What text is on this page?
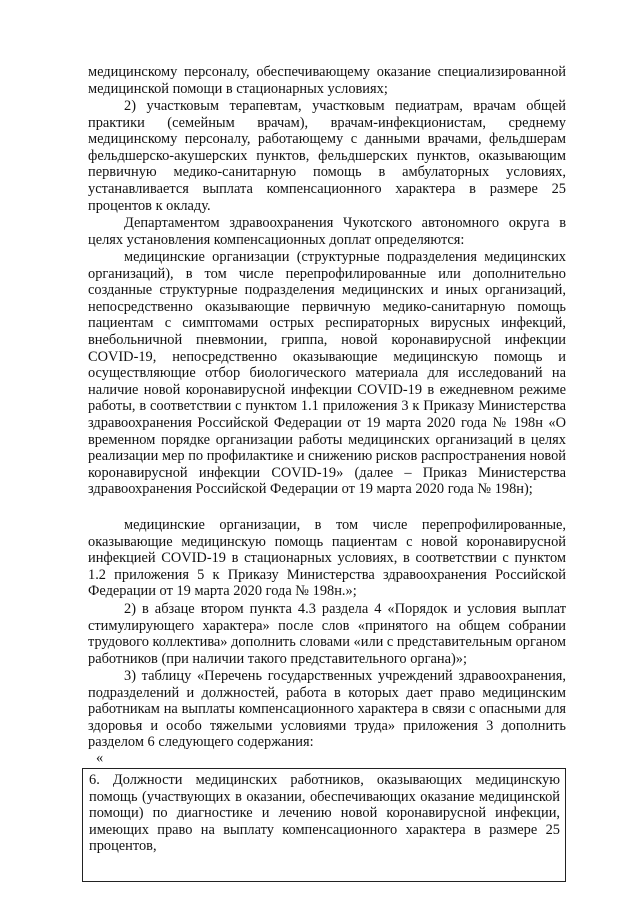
медицинскому персоналу, обеспечивающему оказание специализированной медицинской помощи в стационарных условиях;

2) участковым терапевтам, участковым педиатрам, врачам общей практики (семейным врачам), врачам-инфекционистам, среднему медицинскому персоналу, работающему с данными врачами, фельдшерам фельдшерско-акушерских пунктов, фельдшерских пунктов, оказывающим первичную медико-санитарную помощь в амбулаторных условиях, устанавливается выплата компенсационного характера в размере 25 процентов к окладу.

Департаментом здравоохранения Чукотского автономного округа в целях установления компенсационных доплат определяются:

медицинские организации (структурные подразделения медицинских организаций), в том числе перепрофилированные или дополнительно созданные структурные подразделения медицинских и иных организаций, непосредственно оказывающие первичную медико-санитарную помощь пациентам с симптомами острых респираторных вирусных инфекций, внебольничной пневмонии, гриппа, новой коронавирусной инфекции COVID-19, непосредственно оказывающие медицинскую помощь и осуществляющие отбор биологического материала для исследований на наличие новой коронавирусной инфекции COVID-19 в ежедневном режиме работы, в соответствии с пунктом 1.1 приложения 3 к Приказу Министерства здравоохранения Российской Федерации от 19 марта 2020 года № 198н «О временном порядке организации работы медицинских организаций в целях реализации мер по профилактике и снижению рисков распространения новой коронавирусной инфекции COVID-19» (далее – Приказ Министерства здравоохранения Российской Федерации от 19 марта 2020 года № 198н);

медицинские организации, в том числе перепрофилированные, оказывающие медицинскую помощь пациентам с новой коронавирусной инфекцией COVID-19 в стационарных условиях, в соответствии с пунктом 1.2 приложения 5 к Приказу Министерства здравоохранения Российской Федерации от 19 марта 2020 года № 198н.»;

2) в абзаце втором пункта 4.3 раздела 4 «Порядок и условия выплат стимулирующего характера» после слов «принятого на общем собрании трудового коллектива» дополнить словами «или с представительным органом работников (при наличии такого представительного органа)»;

3) таблицу «Перечень государственных учреждений здравоохранения, подразделений и должностей, работа в которых дает право медицинским работникам на выплаты компенсационного характера в связи с опасными для здоровья и особо тяжелыми условиями труда» приложения 3 дополнить разделом 6 следующего содержания:

«

6. Должности медицинских работников, оказывающих медицинскую помощь (участвующих в оказании, обеспечивающих оказание медицинской помощи) по диагностике и лечению новой коронавирусной инфекции, имеющих право на выплату компенсационного характера в размере 25 процентов,
